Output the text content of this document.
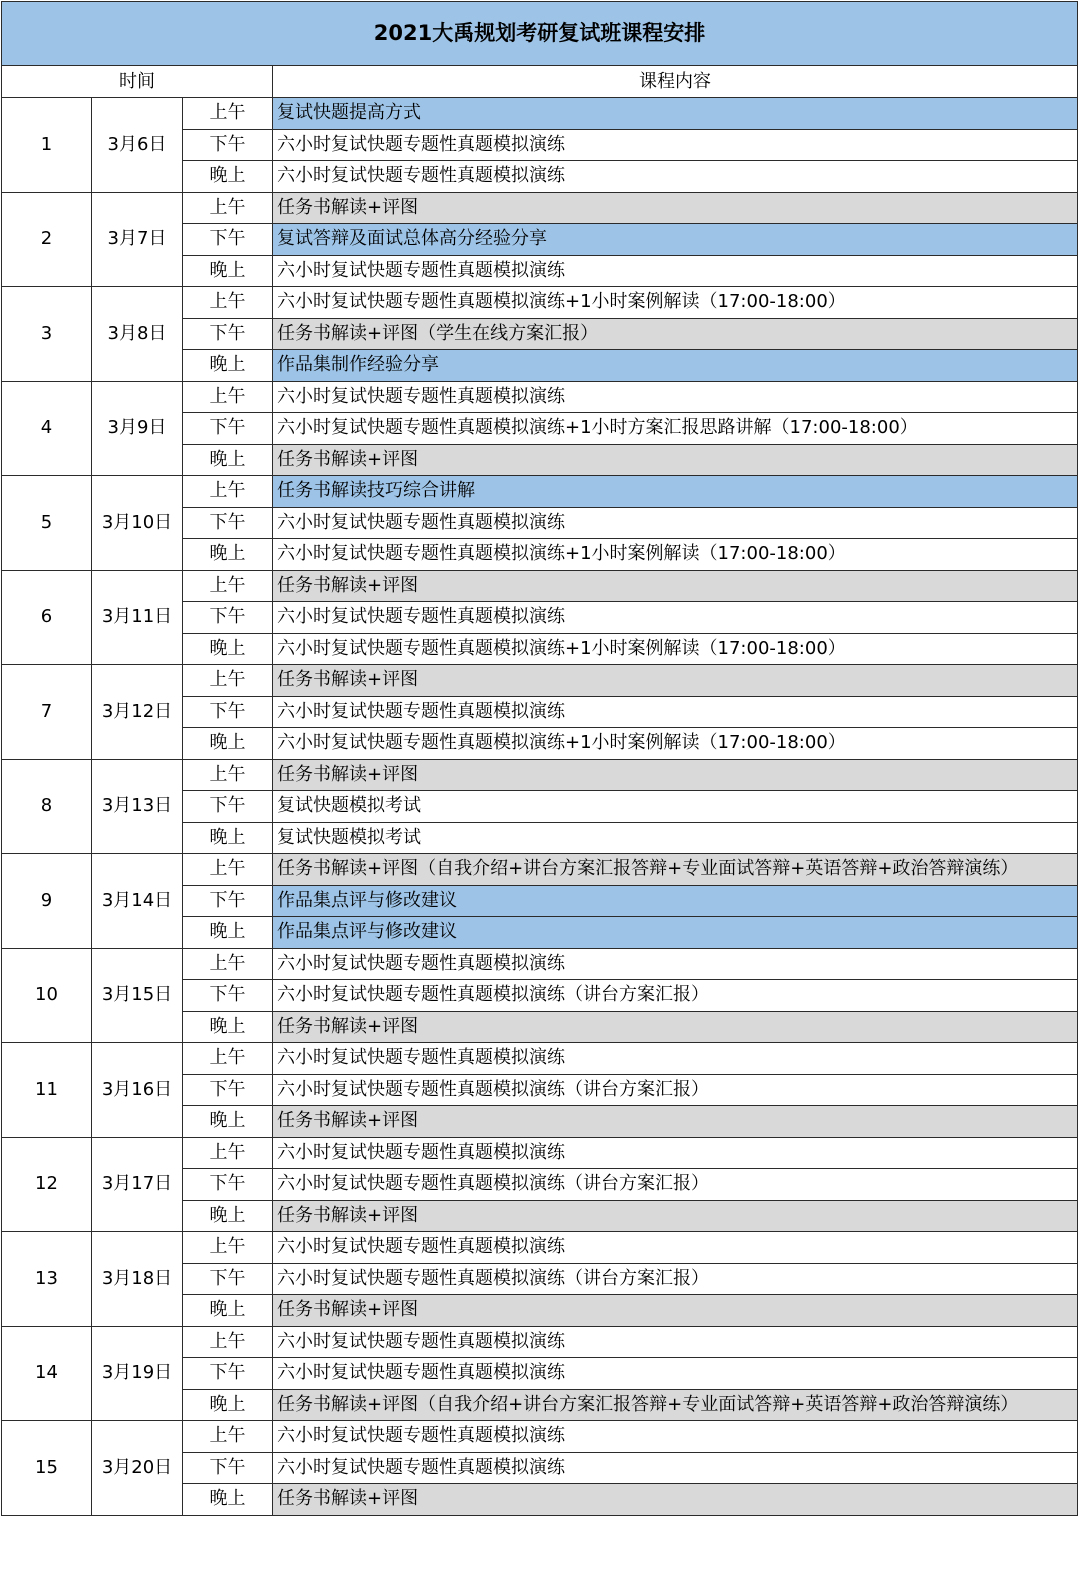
2021大禹规划考研复试班课程安排			
时间			课程内容
1	3月6日	上午	复试快题提高方式
		下午	六小时复试快题专题性真题模拟演练
		晚上	六小时复试快题专题性真题模拟演练
2	3月7日	上午	任务书解读+评图
		下午	复试答辩及面试总体高分经验分享
		晚上	六小时复试快题专题性真题模拟演练
3	3月8日	上午	六小时复试快题专题性真题模拟演练+1小时案例解读（17:00-18:00）
		下午	任务书解读+评图（学生在线方案汇报）
		晚上	作品集制作经验分享
4	3月9日	上午	六小时复试快题专题性真题模拟演练
		下午	六小时复试快题专题性真题模拟演练+1小时方案汇报思路讲解（17:00-18:00）
		晚上	任务书解读+评图
5	3月10日	上午	任务书解读技巧综合讲解
		下午	六小时复试快题专题性真题模拟演练
		晚上	六小时复试快题专题性真题模拟演练+1小时案例解读（17:00-18:00）
6	3月11日	上午	任务书解读+评图
		下午	六小时复试快题专题性真题模拟演练
		晚上	六小时复试快题专题性真题模拟演练+1小时案例解读（17:00-18:00）
7	3月12日	上午	任务书解读+评图
		下午	六小时复试快题专题性真题模拟演练
		晚上	六小时复试快题专题性真题模拟演练+1小时案例解读（17:00-18:00）
8	3月13日	上午	任务书解读+评图
		下午	复试快题模拟考试
		晚上	复试快题模拟考试
9	3月14日	上午	任务书解读+评图（自我介绍+讲台方案汇报答辩+专业面试答辩+英语答辩+政治答辩演练）
		下午	作品集点评与修改建议
		晚上	作品集点评与修改建议
10	3月15日	上午	六小时复试快题专题性真题模拟演练
		下午	六小时复试快题专题性真题模拟演练（讲台方案汇报）
		晚上	任务书解读+评图
11	3月16日	上午	六小时复试快题专题性真题模拟演练
		下午	六小时复试快题专题性真题模拟演练（讲台方案汇报）
		晚上	任务书解读+评图
12	3月17日	上午	六小时复试快题专题性真题模拟演练
		下午	六小时复试快题专题性真题模拟演练（讲台方案汇报）
		晚上	任务书解读+评图
13	3月18日	上午	六小时复试快题专题性真题模拟演练
		下午	六小时复试快题专题性真题模拟演练（讲台方案汇报）
		晚上	任务书解读+评图
14	3月19日	上午	六小时复试快题专题性真题模拟演练
		下午	六小时复试快题专题性真题模拟演练
		晚上	任务书解读+评图（自我介绍+讲台方案汇报答辩+专业面试答辩+英语答辩+政治答辩演练）
15	3月20日	上午	六小时复试快题专题性真题模拟演练
		下午	六小时复试快题专题性真题模拟演练
		晚上	任务书解读+评图
